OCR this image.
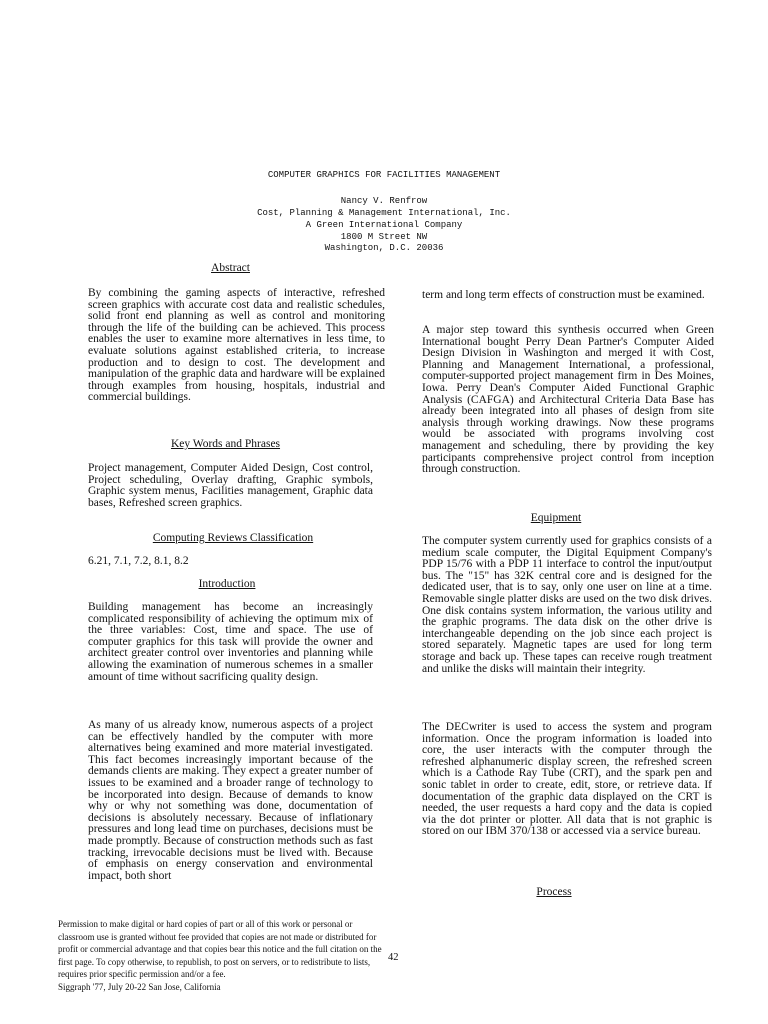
COMPUTER GRAPHICS FOR FACILITIES MANAGEMENT
Nancy V. Renfrow
Cost, Planning & Management International, Inc.
A Green International Company
1800 M Street NW
Washington, D.C. 20036
Abstract
By combining the gaming aspects of interactive, refreshed screen graphics with accurate cost data and realistic schedules, solid front end planning as well as control and monitoring through the life of the building can be achieved. This process enables the user to examine more alternatives in less time, to evaluate solutions against established criteria, to increase production and to design to cost. The development and manipulation of the graphic data and hardware will be explained through examples from housing, hospitals, industrial and commercial buildings.
Key Words and Phrases
Project management, Computer Aided Design, Cost control, Project scheduling, Overlay drafting, Graphic symbols, Graphic system menus, Facilities management, Graphic data bases, Refreshed screen graphics.
Computing Reviews Classification
6.21, 7.1, 7.2, 8.1, 8.2
Introduction
Building management has become an increasingly complicated responsibility of achieving the optimum mix of the three variables: Cost, time and space. The use of computer graphics for this task will provide the owner and architect greater control over inventories and planning while allowing the examination of numerous schemes in a smaller amount of time without sacrificing quality design.
As many of us already know, numerous aspects of a project can be effectively handled by the computer with more alternatives being examined and more material investigated. This fact becomes increasingly important because of the demands clients are making. They expect a greater number of issues to be examined and a broader range of technology to be incorporated into design. Because of demands to know why or why not something was done, documentation of decisions is absolutely necessary. Because of inflationary pressures and long lead time on purchases, decisions must be made promptly. Because of construction methods such as fast tracking, irrevocable decisions must be lived with. Because of emphasis on energy conservation and environmental impact, both short
term and long term effects of construction must be examined.
A major step toward this synthesis occurred when Green International bought Perry Dean Partner's Computer Aided Design Division in Washington and merged it with Cost, Planning and Management International, a professional, computer-supported project management firm in Des Moines, Iowa. Perry Dean's Computer Aided Functional Graphic Analysis (CAFGA) and Architectural Criteria Data Base has already been integrated into all phases of design from site analysis through working drawings. Now these programs would be associated with programs involving cost management and scheduling, there by providing the key participants comprehensive project control from inception through construction.
Equipment
The computer system currently used for graphics consists of a medium scale computer, the Digital Equipment Company's PDP 15/76 with a PDP 11 interface to control the input/output bus. The "15" has 32K central core and is designed for the dedicated user, that is to say, only one user on line at a time. Removable single platter disks are used on the two disk drives. One disk contains system information, the various utility and the graphic programs. The data disk on the other drive is interchangeable depending on the job since each project is stored separately. Magnetic tapes are used for long term storage and back up. These tapes can receive rough treatment and unlike the disks will maintain their integrity.
The DECwriter is used to access the system and program information. Once the program information is loaded into core, the user interacts with the computer through the refreshed alphanumeric display screen, the refreshed screen which is a Cathode Ray Tube (CRT), and the spark pen and sonic tablet in order to create, edit, store, or retrieve data. If documentation of the graphic data displayed on the CRT is needed, the user requests a hard copy and the data is copied via the dot printer or plotter. All data that is not graphic is stored on our IBM 370/138 or accessed via a service bureau.
Process
Permission to make digital or hard copies of part or all of this work or personal or classroom use is granted without fee provided that copies are not made or distributed for profit or commercial advantage and that copies bear this notice and the full citation on the first page. To copy otherwise, to republish, to post on servers, or to redistribute to lists, requires prior specific permission and/or a fee.
Siggraph '77, July 20-22 San Jose, California
42
